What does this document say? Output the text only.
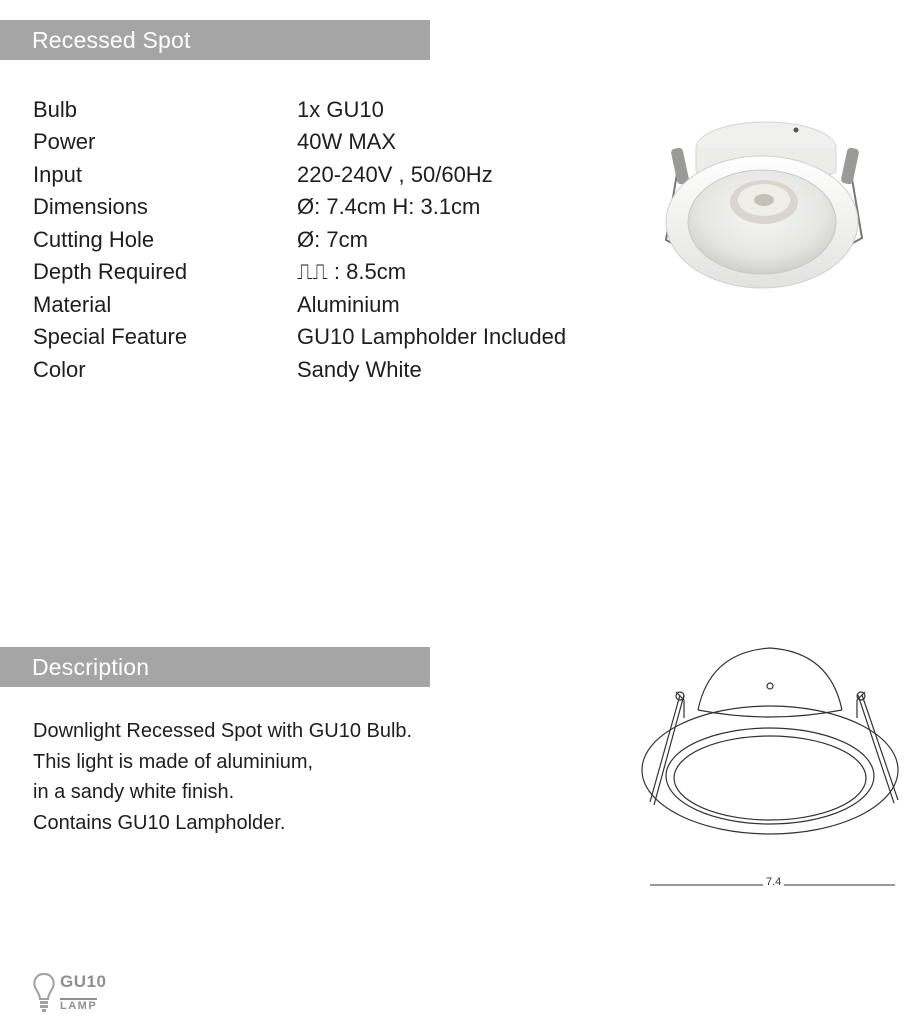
Recessed Spot
Bulb	1x GU10
Power	40W MAX
Input	220-240V , 50/60Hz
Dimensions	Ø: 7.4cm H: 3.1cm
Cutting Hole	Ø: 7cm
Depth Required	⎍⎍ : 8.5cm
Material	Aluminium
Special Feature	GU10 Lampholder Included
Color	Sandy White
Description
Downlight Recessed Spot with GU10 Bulb.
This light is made of aluminium,
in a sandy white finish.
Contains GU10 Lampholder.
7.4
GU10
LAMP
